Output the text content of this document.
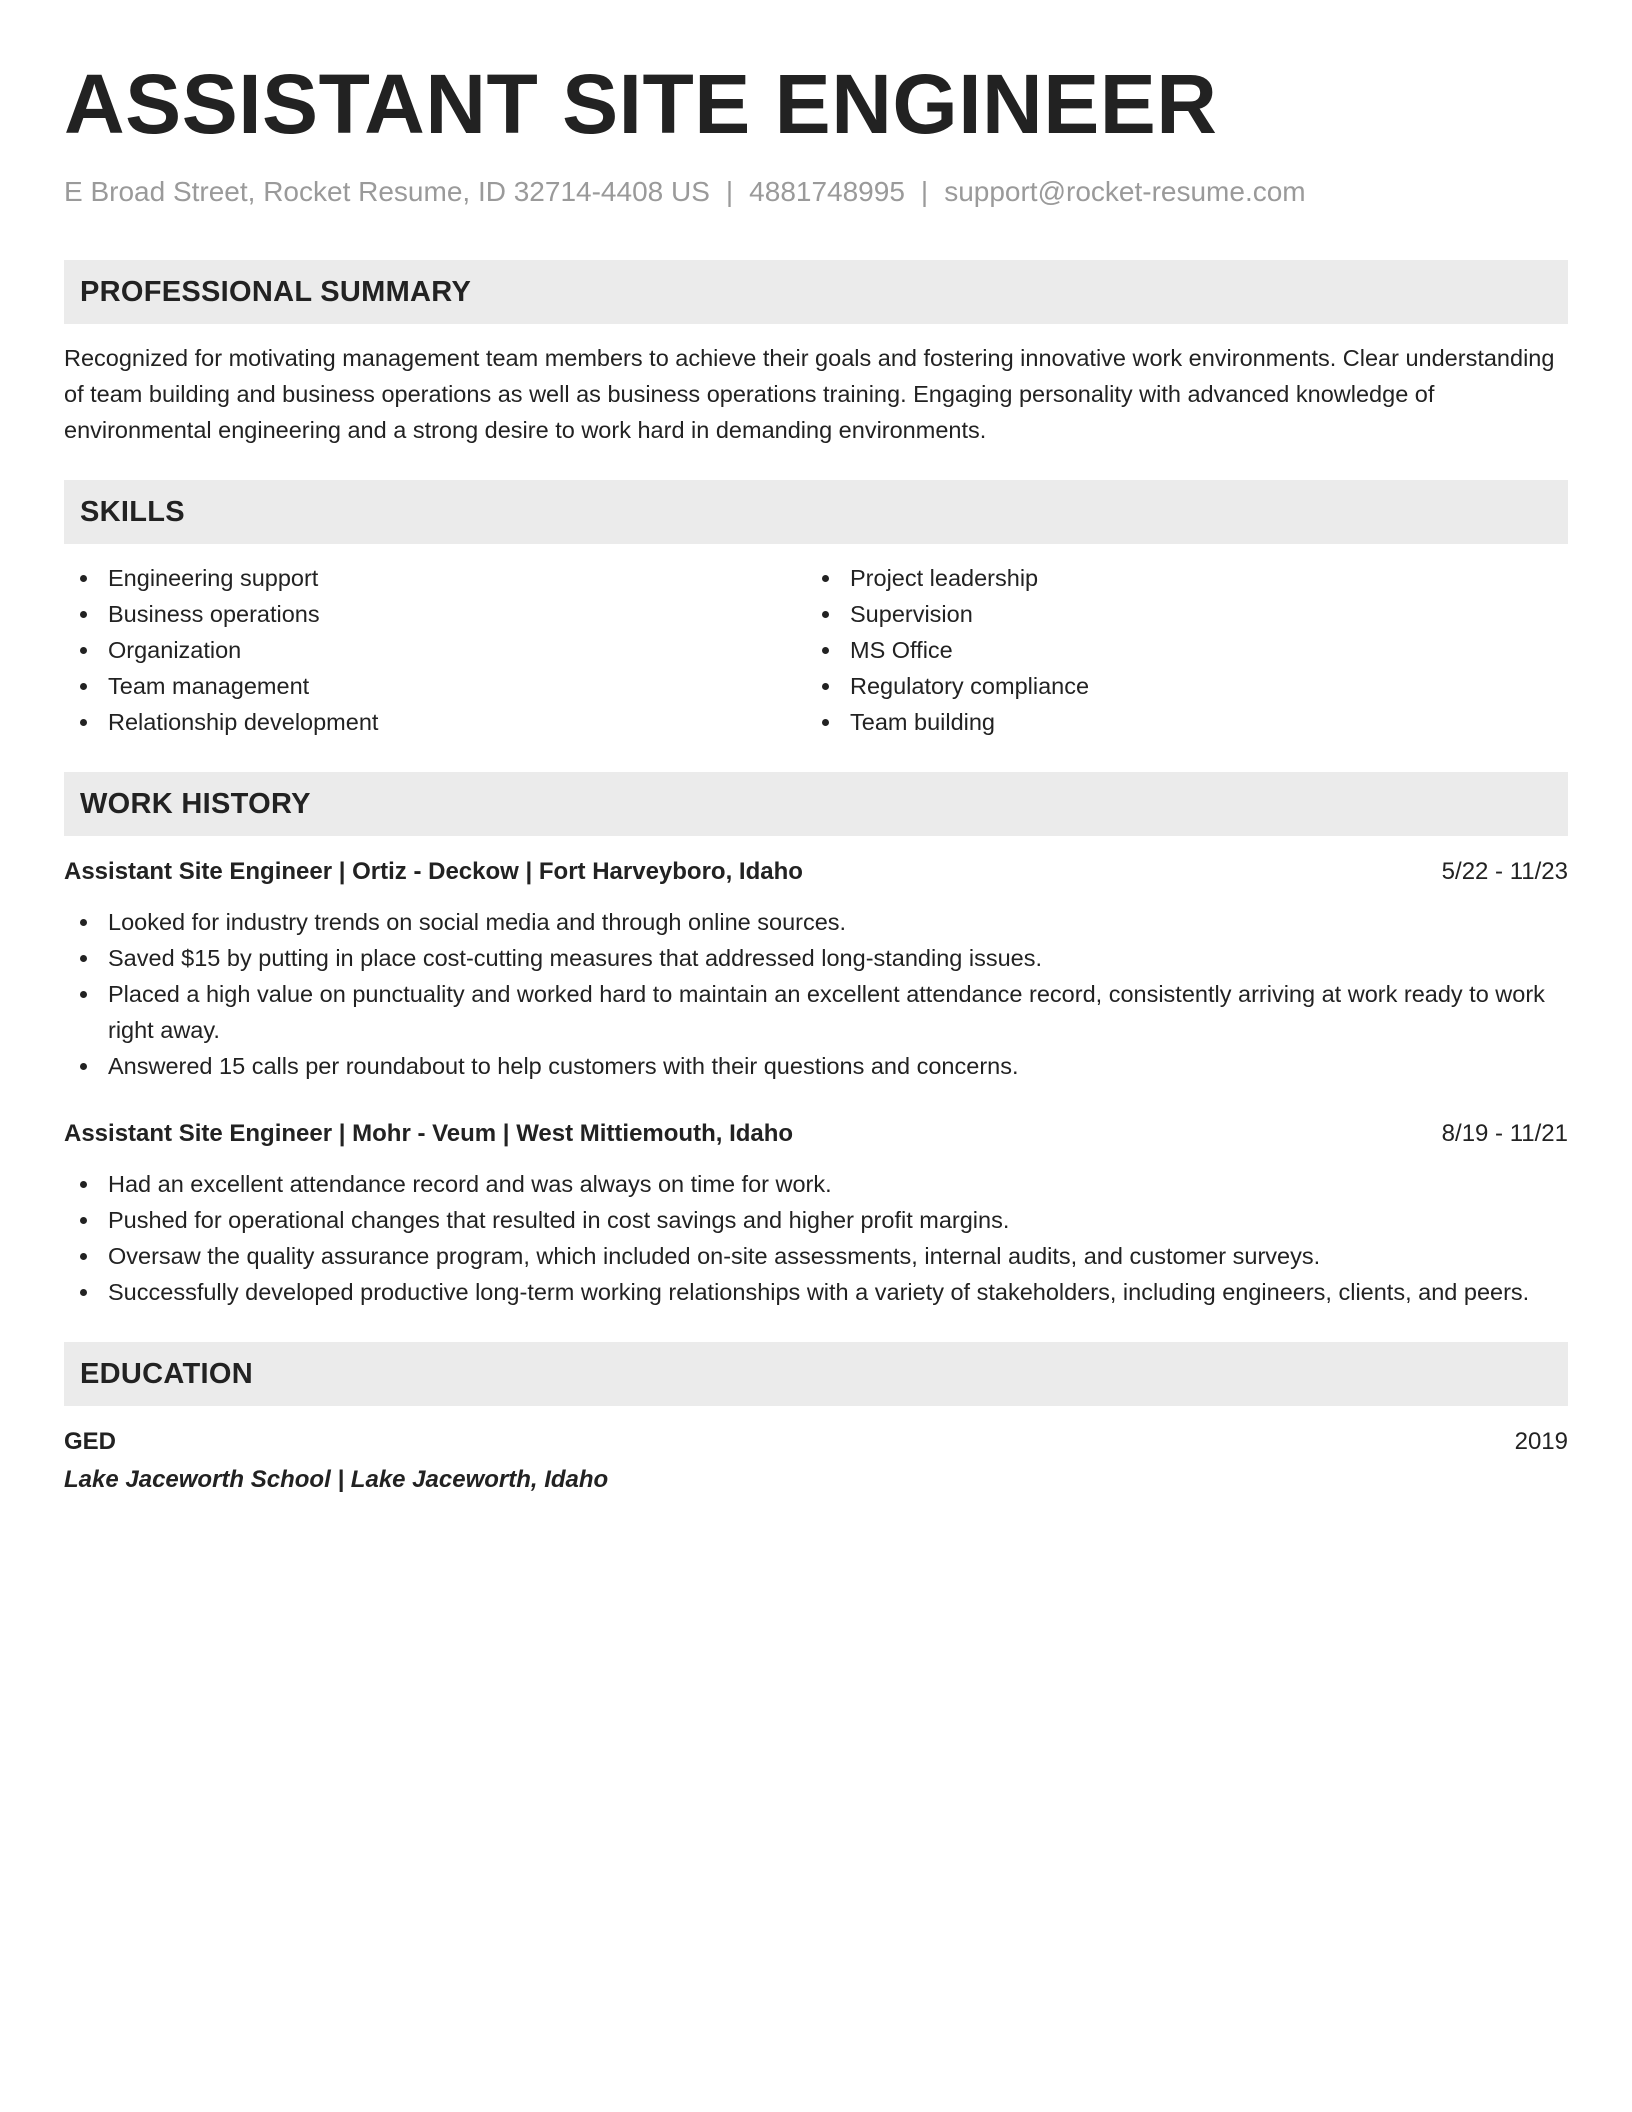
ASSISTANT SITE ENGINEER
E Broad Street, Rocket Resume, ID 32714-4408 US | 4881748995 | support@rocket-resume.com
PROFESSIONAL SUMMARY
Recognized for motivating management team members to achieve their goals and fostering innovative work environments. Clear understanding of team building and business operations as well as business operations training. Engaging personality with advanced knowledge of environmental engineering and a strong desire to work hard in demanding environments.
SKILLS
Engineering support
Business operations
Organization
Team management
Relationship development
Project leadership
Supervision
MS Office
Regulatory compliance
Team building
WORK HISTORY
Assistant Site Engineer | Ortiz - Deckow | Fort Harveyboro, Idaho	5/22 - 11/23
Looked for industry trends on social media and through online sources.
Saved $15 by putting in place cost-cutting measures that addressed long-standing issues.
Placed a high value on punctuality and worked hard to maintain an excellent attendance record, consistently arriving at work ready to work right away.
Answered 15 calls per roundabout to help customers with their questions and concerns.
Assistant Site Engineer | Mohr - Veum | West Mittiemouth, Idaho	8/19 - 11/21
Had an excellent attendance record and was always on time for work.
Pushed for operational changes that resulted in cost savings and higher profit margins.
Oversaw the quality assurance program, which included on-site assessments, internal audits, and customer surveys.
Successfully developed productive long-term working relationships with a variety of stakeholders, including engineers, clients, and peers.
EDUCATION
GED	2019
Lake Jaceworth School | Lake Jaceworth, Idaho
